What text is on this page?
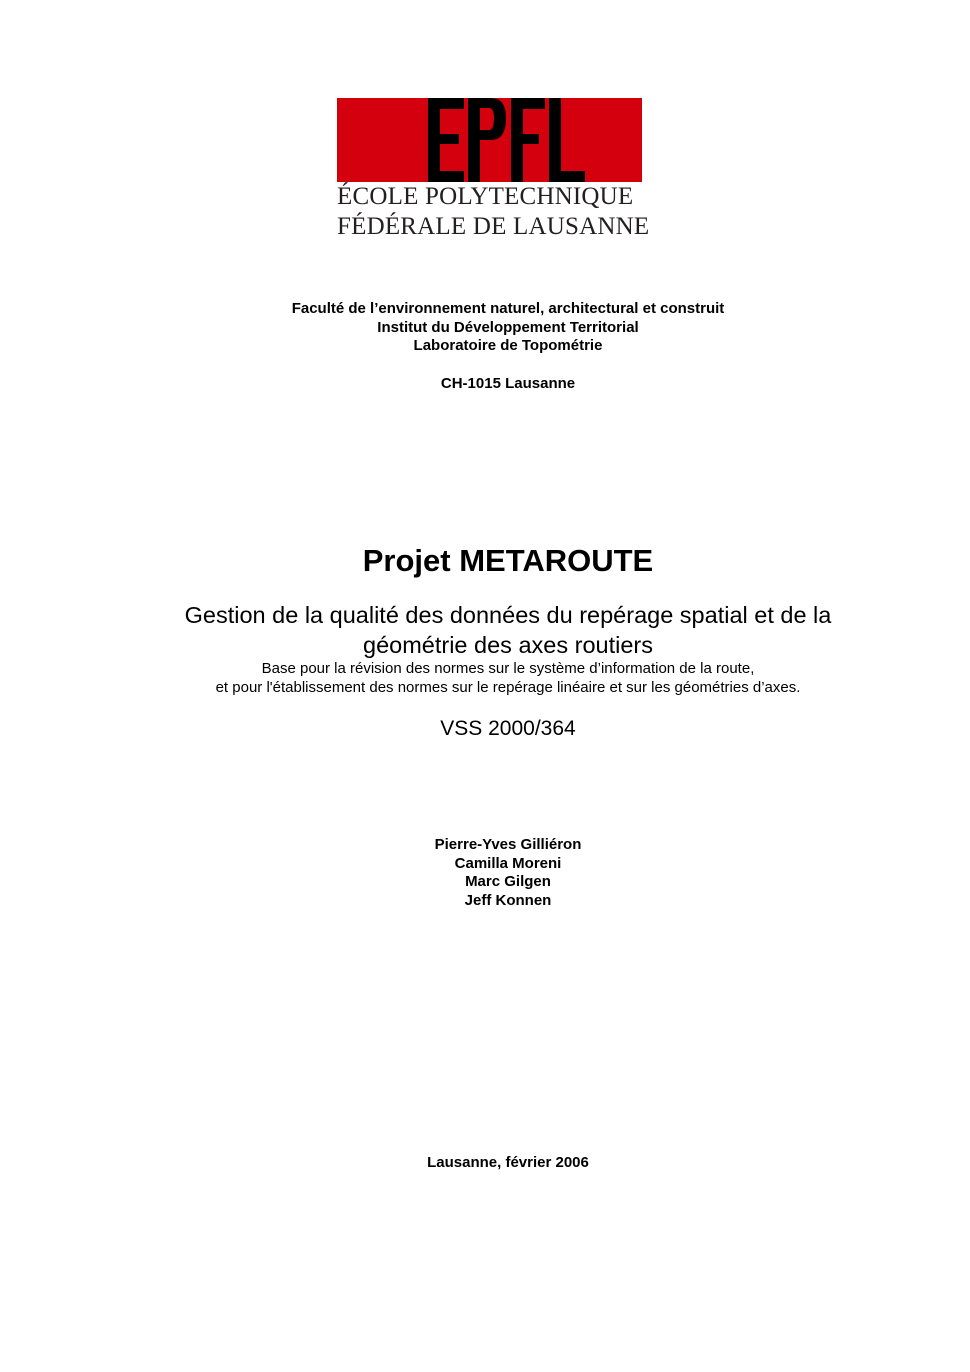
ÉCOLE POLYTECHNIQUE
FÉDÉRALE DE LAUSANNE
Faculté de l’environnement naturel, architectural et construit
Institut du Développement Territorial
Laboratoire de Topométrie
CH-1015 Lausanne
Projet METAROUTE
Gestion de la qualité des données du repérage spatial et de la
géométrie des axes routiers
Base pour la révision des normes sur le système d’information de la route,
et pour l'établissement des normes sur le repérage linéaire et sur les géométries d’axes.
VSS 2000/364
Pierre-Yves Gilliéron
Camilla Moreni
Marc Gilgen
Jeff Konnen
Lausanne, février 2006
